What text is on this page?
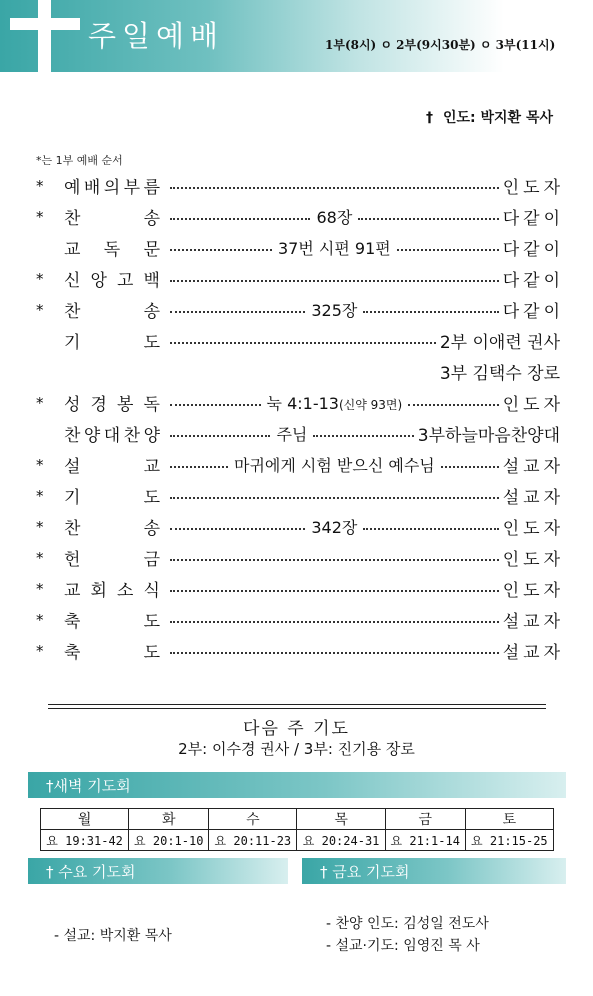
주일예배	1부(8시) ㅇ 2부(9시30분) ㅇ 3부(11시)
† 인도: 박지환 목사
*는 1부 예배 순서
*	예 배 의 부 름	인도자
*	찬	송	68장	다같이
교 독 문	37번 시편 91편	다같이
*	신 앙 고 백	다같이
*	찬	송	325장	다같이
기	도	2부 이애련 권사
3부 김택수 장로
*	성 경 봉 독	눅 4:1-13(신약 93면)	인도자
찬 양 대 찬 양	주님	3부하늘마음찬양대
*	설	교	마귀에게 시험 받으신 예수님	설교자
*	기	도	설교자
*	찬	송	342장	인도자
*	헌	금	인도자
*	교 회 소 식	인도자
*	축	도	설교자
*	축	도	설교자
다음 주 기도
2부: 이수경 권사 / 3부: 진기용 장로
†새벽 기도회
월	화	수	목	금	토
요 19:31-42	요 20:1-10	요 20:11-23	요 20:24-31	요 21:1-14	요 21:15-25
† 수요 기도회	† 금요 기도회
- 설교: 박지환 목사
- 찬양 인도: 김성일 전도사
- 설교·기도: 임영진 목 사
